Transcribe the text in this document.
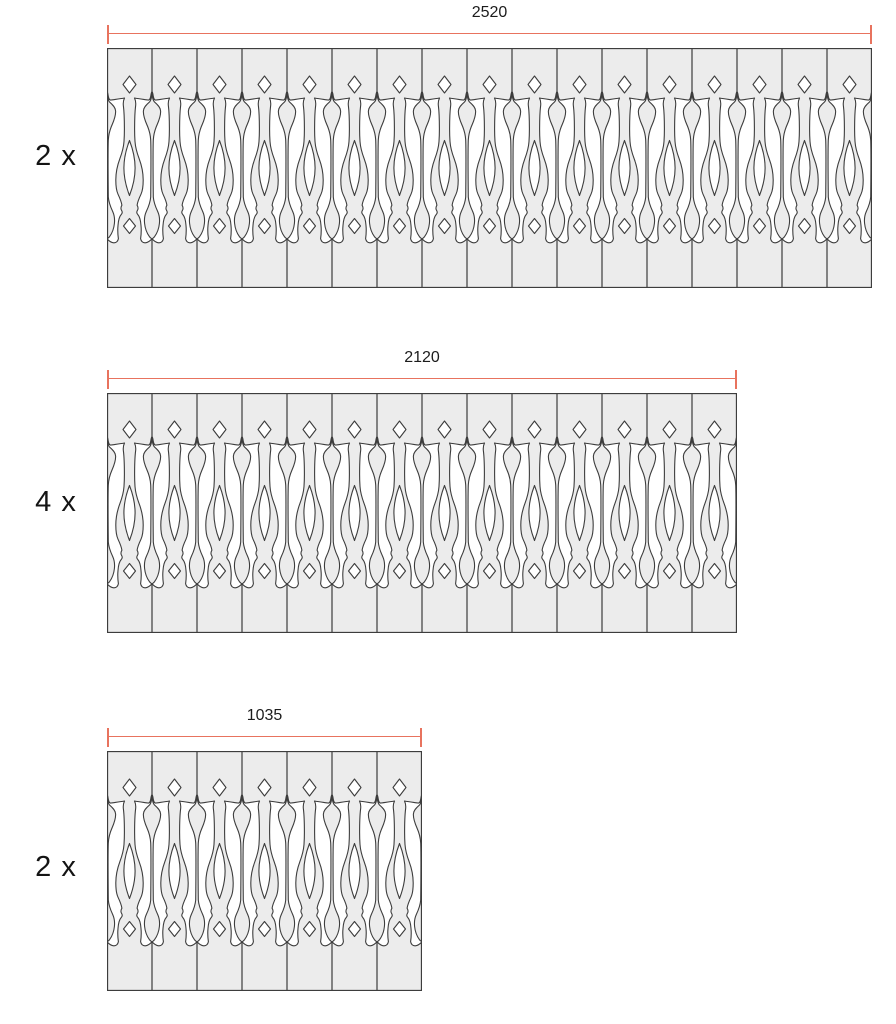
2 x
2520
4 x
2120
2 x
1035
